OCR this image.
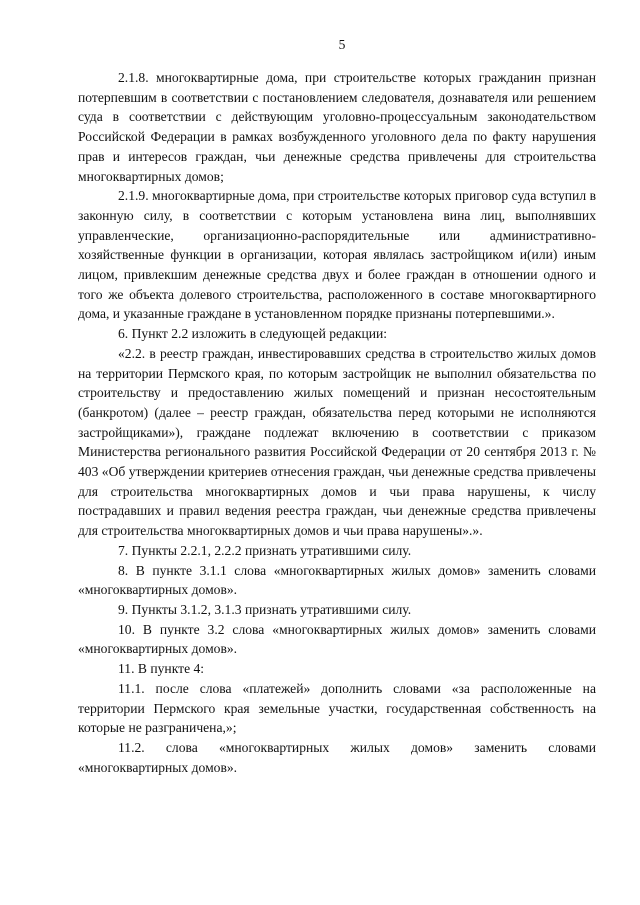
5

2.1.8. многоквартирные дома, при строительстве которых гражданин признан потерпевшим в соответствии с постановлением следователя, дознавателя или решением суда в соответствии с действующим уголовно-процессуальным законодательством Российской Федерации в рамках возбужденного уголовного дела по факту нарушения прав и интересов граждан, чьи денежные средства привлечены для строительства многоквартирных домов;

2.1.9. многоквартирные дома, при строительстве которых приговор суда вступил в законную силу, в соответствии с которым установлена вина лиц, выполнявших управленческие, организационно-распорядительные или административно-хозяйственные функции в организации, которая являлась застройщиком и(или) иным лицом, привлекшим денежные средства двух и более граждан в отношении одного и того же объекта долевого строительства, расположенного в составе многоквартирного дома, и указанные граждане в установленном порядке признаны потерпевшими.».

6. Пункт 2.2 изложить в следующей редакции:

«2.2. в реестр граждан, инвестировавших средства в строительство жилых домов на территории Пермского края, по которым застройщик не выполнил обязательства по строительству и предоставлению жилых помещений и признан несостоятельным (банкротом) (далее – реестр граждан, обязательства перед которыми не исполняются застройщиками»), граждане подлежат включению в соответствии с приказом Министерства регионального развития Российской Федерации от 20 сентября 2013 г. № 403 «Об утверждении критериев отнесения граждан, чьи денежные средства привлечены для строительства многоквартирных домов и чьи права нарушены, к числу пострадавших и правил ведения реестра граждан, чьи денежные средства привлечены для строительства многоквартирных домов и чьи права нарушены».».

7. Пункты 2.2.1, 2.2.2 признать утратившими силу.

8. В пункте 3.1.1 слова «многоквартирных жилых домов» заменить словами «многоквартирных домов».

9. Пункты 3.1.2, 3.1.3 признать утратившими силу.

10. В пункте 3.2 слова «многоквартирных жилых домов» заменить словами «многоквартирных домов».

11. В пункте 4:

11.1. после слова «платежей» дополнить словами «за расположенные на территории Пермского края земельные участки, государственная собственность на которые не разграничена,»;

11.2. слова «многоквартирных жилых домов» заменить словами «многоквартирных домов».
